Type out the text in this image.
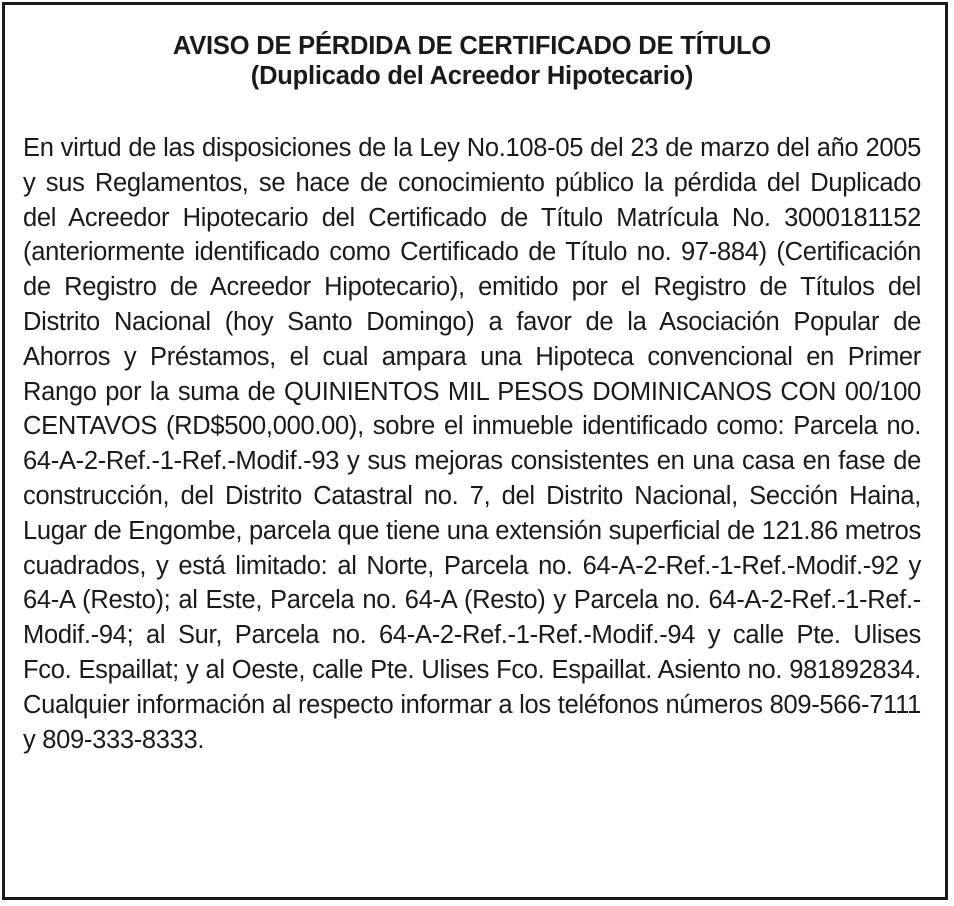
AVISO DE PÉRDIDA DE CERTIFICADO DE TÍTULO
(Duplicado del Acreedor Hipotecario)

En virtud de las disposiciones de la Ley No.108-05 del 23 de marzo del año 2005 y sus Reglamentos, se hace de conocimiento público la pérdida del Duplicado del Acreedor Hipotecario del Certificado de Título Matrícula No. 3000181152 (anteriormente identificado como Certificado de Título no. 97-884) (Certificación de Registro de Acreedor Hipotecario), emitido por el Registro de Títulos del Distrito Nacional (hoy Santo Domingo) a favor de la Asociación Popular de Ahorros y Préstamos, el cual ampara una Hipoteca convencional en Primer Rango por la suma de QUINIENTOS MIL PESOS DOMINICANOS CON 00/100 CENTAVOS (RD$500,000.00), sobre el inmueble identificado como: Parcela no. 64-A-2-Ref.-1-Ref.-Modif.-93 y sus mejoras consistentes en una casa en fase de construcción, del Distrito Catastral no. 7, del Distrito Nacional, Sección Haina, Lugar de Engombe, parcela que tiene una extensión superficial de 121.86 metros cuadrados, y está limitado: al Norte, Parcela no. 64-A-2-Ref.-1-Ref.-Modif.-92 y 64-A (Resto); al Este, Parcela no. 64-A (Resto) y Parcela no. 64-A-2-Ref.-1-Ref.-Modif.-94; al Sur, Parcela no. 64-A-2-Ref.-1-Ref.-Modif.-94 y calle Pte. Ulises Fco. Espaillat; y al Oeste, calle Pte. Ulises Fco. Espaillat. Asiento no. 981892834. Cualquier información al respecto informar a los teléfonos números 809-566-7111 y 809-333-8333.
